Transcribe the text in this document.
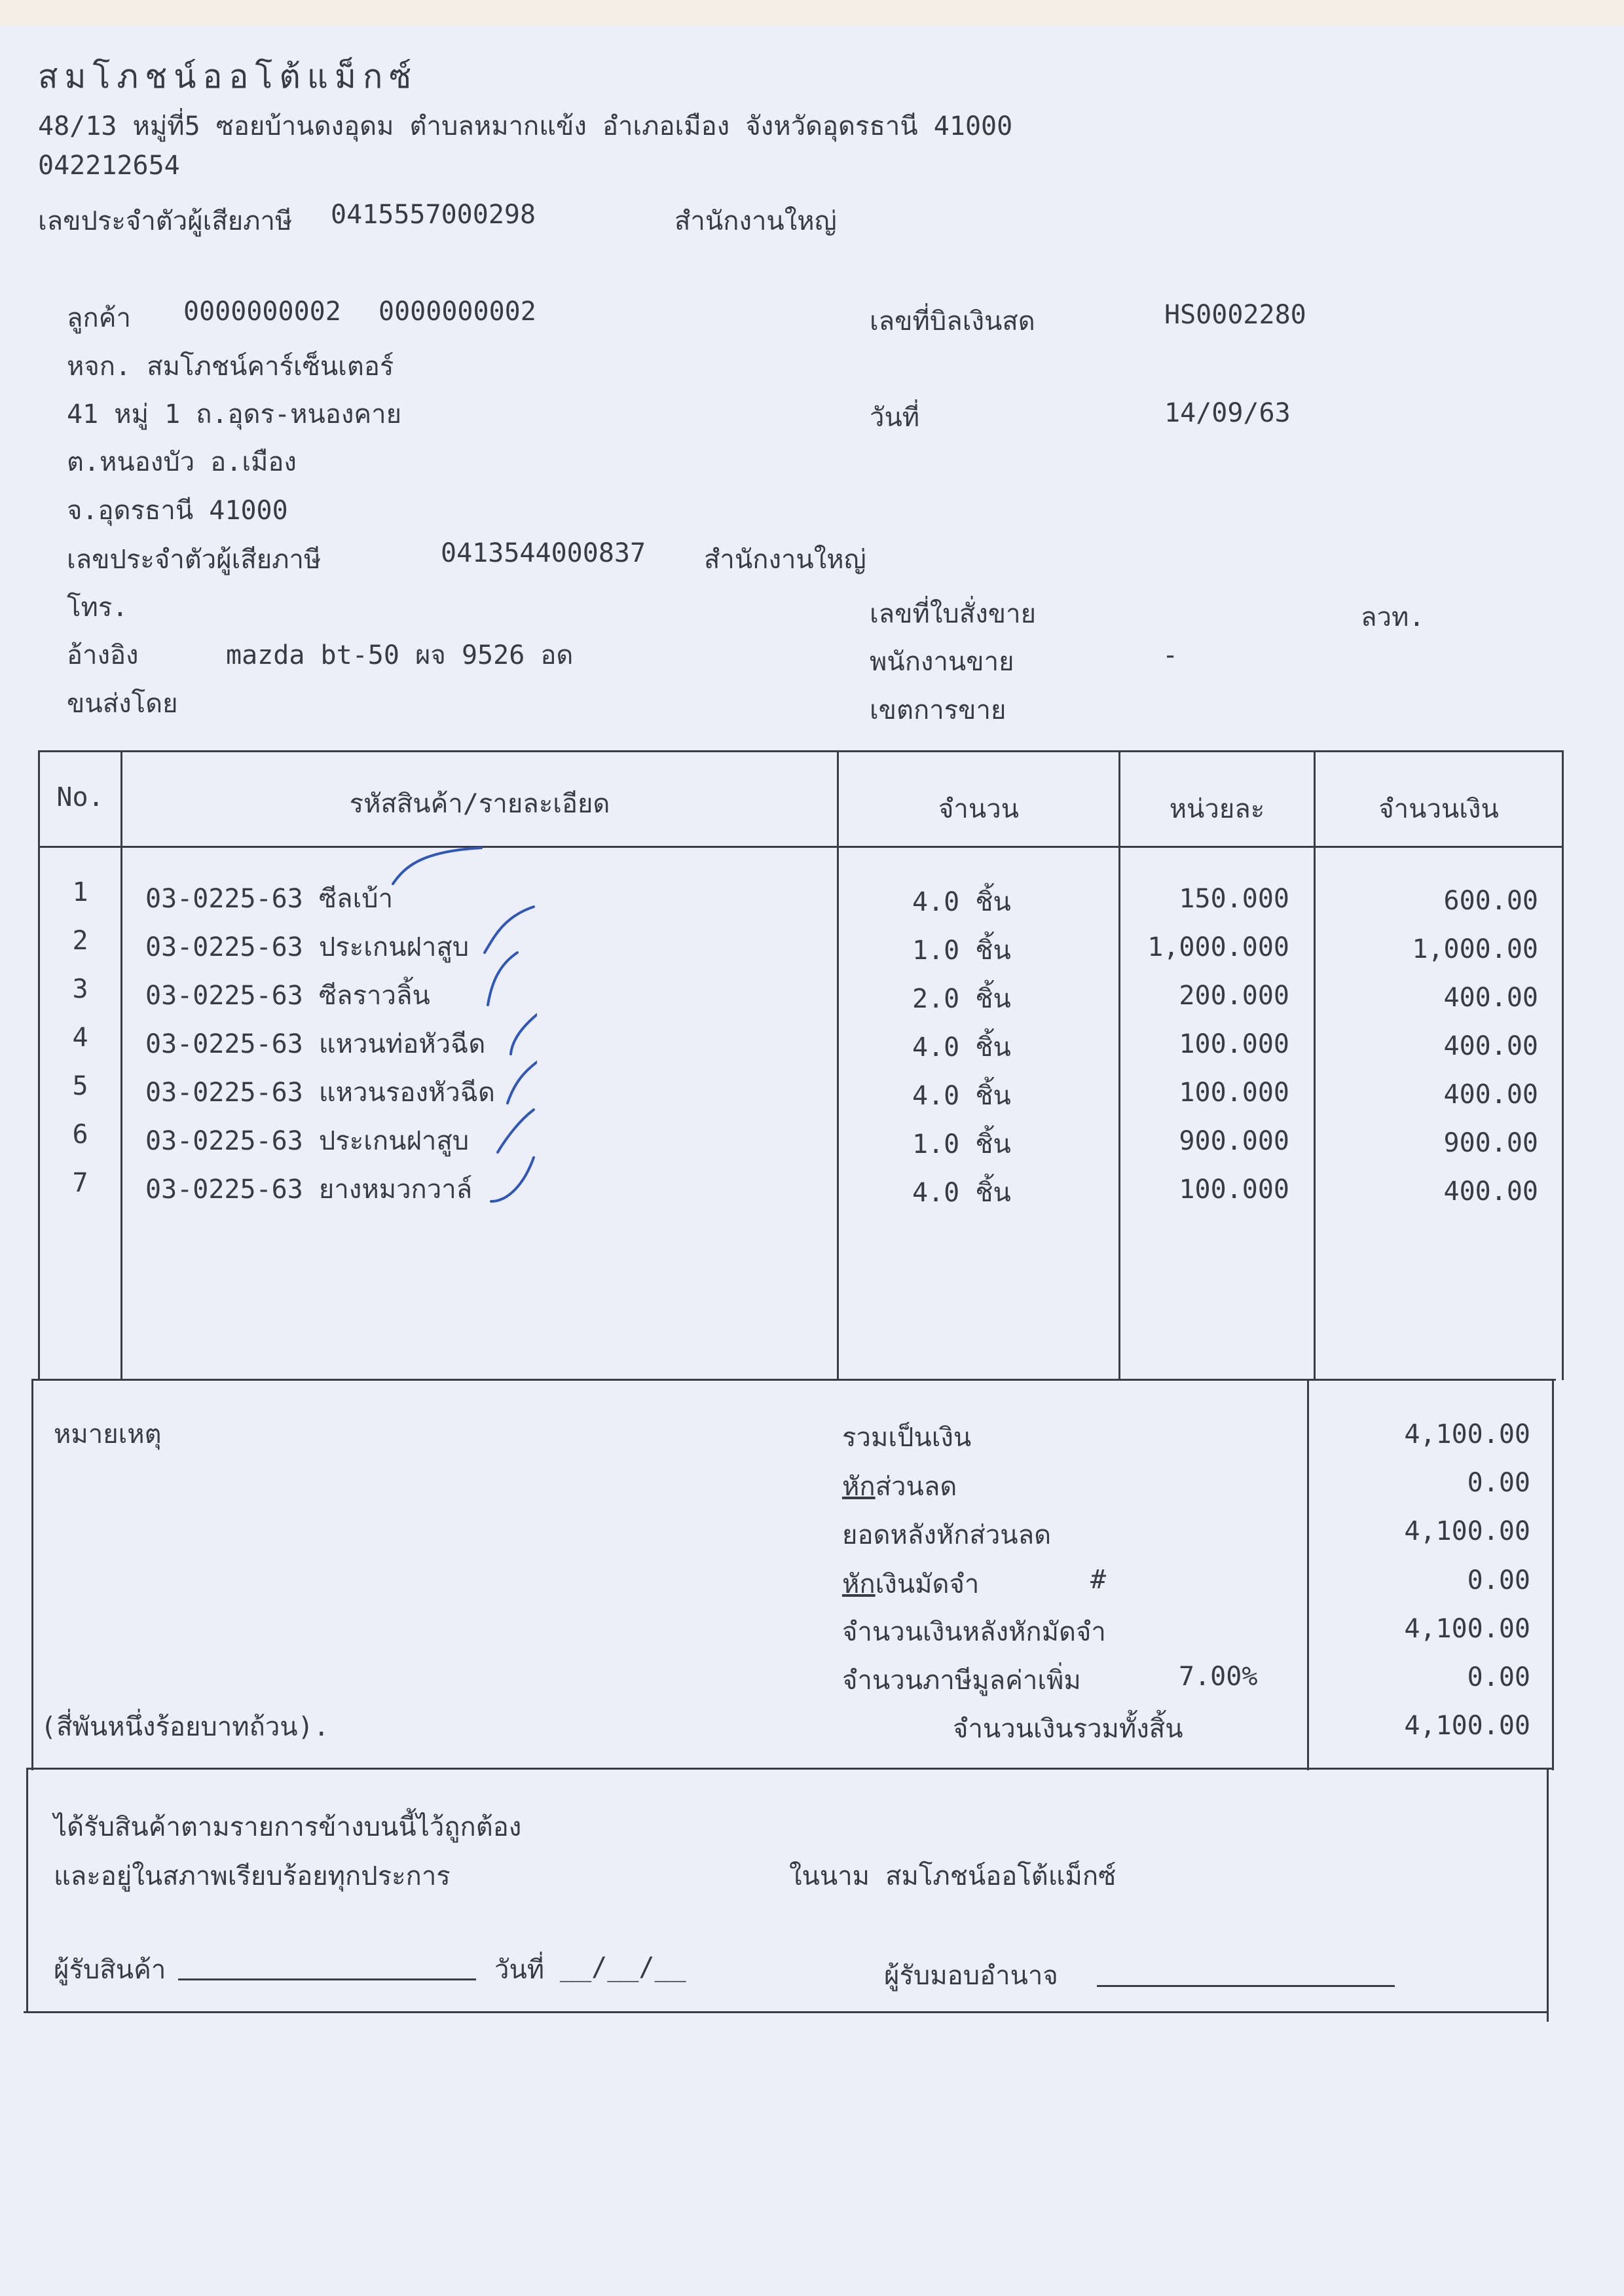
สมโภชน์ออโต้แม็กซ์
48/13 หมู่ที่5 ซอยบ้านดงอุดม ตำบลหมากแข้ง อำเภอเมือง จังหวัดอุดรธานี 41000
042212654
เลขประจำตัวผู้เสียภาษี 0415557000298	สำนักงานใหญ่
ลูกค้า 0000000002 0000000002
หจก. สมโภชน์คาร์เซ็นเตอร์
41 หมู่ 1 ถ.อุดร-หนองคาย
ต.หนองบัว อ.เมือง
จ.อุดรธานี 41000
เลขประจำตัวผู้เสียภาษี	0413544000837 สำนักงานใหญ่
โทร.
อ้างอิง	mazda bt-50 ผจ 9526 อด
ขนส่งโดย
เลขที่บิลเงินสด	HS0002280
วันที่	14/09/63
เลขที่ใบสั่งขาย	ลวท.
พนักงานขาย	-
เขตการขาย
No.	รหัสสินค้า/รายละเอียด	จำนวน	หน่วยละ	จำนวนเงิน
1	03-0225-63 ซีลเบ้า	4.0 ชิ้น	150.000	600.00
2	03-0225-63 ประเกนฝาสูบ	1.0 ชิ้น	1,000.000	1,000.00
3	03-0225-63 ซีลราวลิ้น	2.0 ชิ้น	200.000	400.00
4	03-0225-63 แหวนท่อหัวฉีด	4.0 ชิ้น	100.000	400.00
5	03-0225-63 แหวนรองหัวฉีด	4.0 ชิ้น	100.000	400.00
6	03-0225-63 ประเกนฝาสูบ	1.0 ชิ้น	900.000	900.00
7	03-0225-63 ยางหมวกวาล์	4.0 ชิ้น	100.000	400.00
หมายเหตุ
(สี่พันหนึ่งร้อยบาทถ้วน).
รวมเป็นเงิน	4,100.00
หักส่วนลด	0.00
ยอดหลังหักส่วนลด	4,100.00
หักเงินมัดจำ	#	0.00
จำนวนเงินหลังหักมัดจำ	4,100.00
จำนวนภาษีมูลค่าเพิ่ม	7.00%	0.00
จำนวนเงินรวมทั้งสิ้น	4,100.00
ได้รับสินค้าตามรายการข้างบนนี้ไว้ถูกต้อง
และอยู่ในสภาพเรียบร้อยทุกประการ	ในนาม สมโภชน์ออโต้แม็กซ์
ผู้รับสินค้า	วันที่ __/__/__	ผู้รับมอบอำนาจ
